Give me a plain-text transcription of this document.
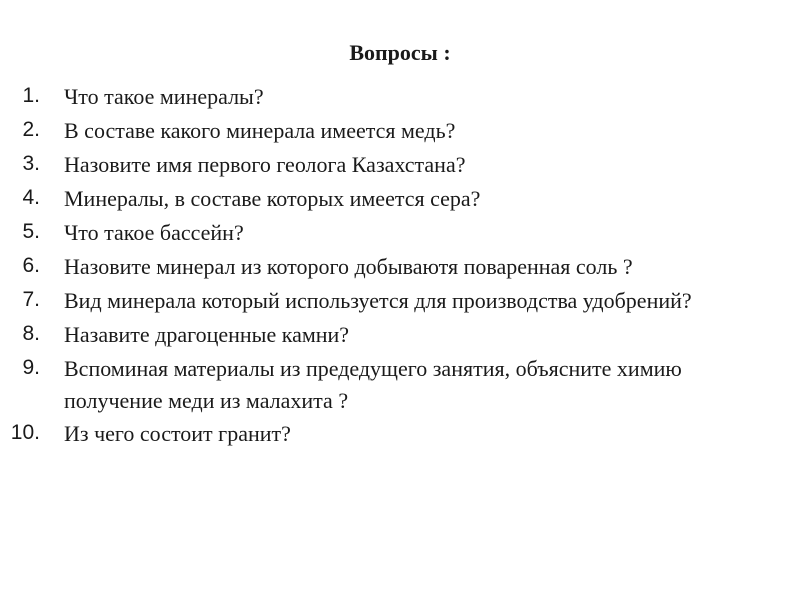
Вопросы :
1. Что такое минералы?
2. В составе какого минерала имеется медь?
3. Назовите имя первого геолога Казахстана?
4. Минералы, в составе которых имеется сера?
5. Что такое бассейн?
6. Назовите минерал из которого добываютя поваренная соль ?
7. Вид минерала который используется для производства удобрений?
8. Назавите драгоценные камни?
9. Вспоминая материалы из предедущего занятия, объясните химию получение меди из малахита ?
10. Из чего состоит гранит?
